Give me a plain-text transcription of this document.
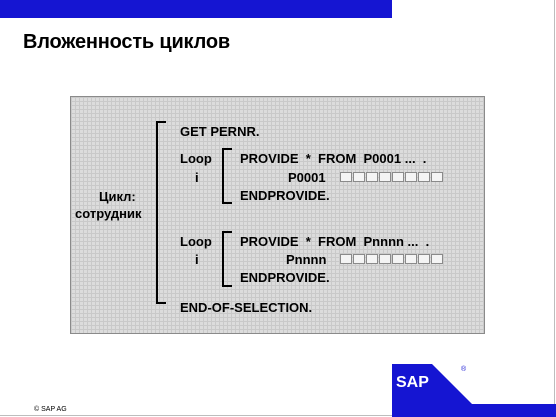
Вложенность циклов
Цикл:
сотрудник
GET PERNR.
Loop
i
PROVIDE  *  FROM  P0001 ...  .
P0001
ENDPROVIDE.
Loop
i
PROVIDE  *  FROM  Pnnnn ...  .
Pnnnn
ENDPROVIDE.
END-OF-SELECTION.
© SAP AG
SAP
®
